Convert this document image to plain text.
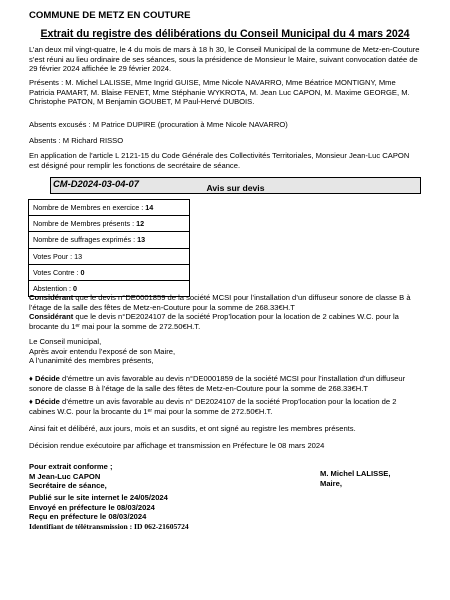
COMMUNE DE METZ EN COUTURE
Extrait du registre des délibérations du Conseil Municipal du 4 mars 2024
L’an deux mil vingt-quatre, le 4 du mois de mars à 18 h 30, le Conseil Municipal de la commune de Metz-en-Couture
s’est réuni au lieu ordinaire de ses séances, sous la présidence de Monsieur le Maire, suivant convocation datée de
29 février 2024 affichée le 29 février 2024.
Présents : M. Michel LALISSE, Mme Ingrid GUISE, Mme Nicole NAVARRO, Mme Béatrice MONTIGNY, Mme
Patricia PAMART, M. Blaise FENET, Mme Stéphanie WYKROTA, M. Jean Luc CAPON, M. Maxime GEORGE, M.
Christophe PATON, M Benjamin GOUBET, M Paul-Hervé DUBOIS.
Absents excusés : M Patrice DUPIRE (procuration à Mme Nicole NAVARRO)
Absents : M Richard RISSO
En application de l’article L 2121-15 du Code Générale des Collectivités Territoriales, Monsieur Jean-Luc CAPON
est désigné pour remplir les fonctions de secrétaire de séance.
CM-D2024-03-04-07	Avis sur devis
Nombre de Membres en exercice : 14
Nombre de Membres présents : 12
Nombre de suffrages exprimés : 13
Votes Pour : 13
Votes Contre : 0
Abstention : 0
Considérant que le devis n°DE0001859 de la société MCSI pour l’installation d’un diffuseur sonore de classe B à
l’étage de la salle des fêtes de Metz-en-Couture pour la somme de 268.33€H.T
Considérant que le devis n°DE2024107 de la société Prop’location pour la location de 2 cabines W.C. pour la
brocante du 1er mai pour la somme de 272.50€H.T.
Le Conseil municipal,
Après avoir entendu l’exposé de son Maire,
A l’unanimité des membres présents,
♦ Décide d’émettre un avis favorable au devis n°DE0001859 de la société MCSI pour l’installation d’un diffuseur
sonore de classe B à l’étage de la salle des fêtes de Metz-en-Couture pour la somme de 268.33€H.T
♦ Décide d’émettre un avis favorable au devis n° DE2024107 de la société Prop’location pour la location de 2
cabines W.C. pour la brocante du 1er mai pour la somme de 272.50€H.T.
Ainsi fait et délibéré, aux jours, mois et an susdits, et ont signé au registre les membres présents.
Décision rendue exécutoire par affichage et transmission en Préfecture le 08 mars 2024
Pour extrait conforme ;
M Jean-Luc CAPON
Secrétaire de séance,
M. Michel LALISSE,
Maire,
Publié sur le site internet le 24/05/2024
Envoyé en préfecture le 08/03/2024
Reçu en préfecture le 08/03/2024
Identifiant de télétransmission : ID 062-21605724
